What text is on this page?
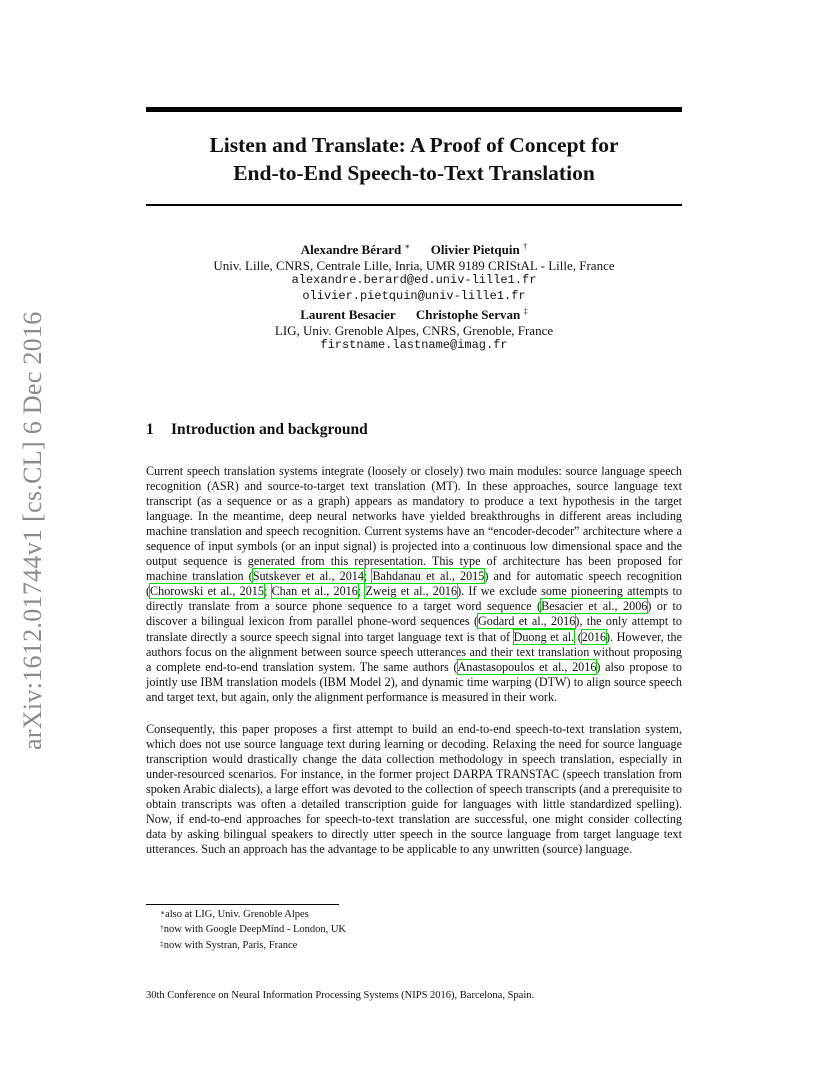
arXiv:1612.01744v1 [cs.CL] 6 Dec 2016
Listen and Translate: A Proof of Concept for
End-to-End Speech-to-Text Translation
Alexandre Bérard ∗ Olivier Pietquin †
Univ. Lille, CNRS, Centrale Lille, Inria, UMR 9189 CRIStAL - Lille, France
alexandre.berard@ed.univ-lille1.fr
olivier.pietquin@univ-lille1.fr
Laurent Besacier Christophe Servan ‡
LIG, Univ. Grenoble Alpes, CNRS, Grenoble, France
firstname.lastname@imag.fr
1 Introduction and background
Current speech translation systems integrate (loosely or closely) two main modules: source language speech recognition (ASR) and source-to-target text translation (MT). In these approaches, source language text transcript (as a sequence or as a graph) appears as mandatory to produce a text hypothesis in the target language. In the meantime, deep neural networks have yielded breakthroughs in different areas including machine translation and speech recognition. Current systems have an “encoder-decoder” architecture where a sequence of input symbols (or an input signal) is projected into a continuous low dimensional space and the output sequence is generated from this representation. This type of architecture has been proposed for machine translation (Sutskever et al., 2014; Bahdanau et al., 2015) and for automatic speech recognition (Chorowski et al., 2015; Chan et al., 2016; Zweig et al., 2016). If we exclude some pioneering attempts to directly translate from a source phone sequence to a target word sequence (Besacier et al., 2006) or to discover a bilingual lexicon from parallel phone-word sequences (Godard et al., 2016), the only attempt to translate directly a source speech signal into target language text is that of Duong et al. (2016). However, the authors focus on the alignment between source speech utterances and their text translation without proposing a complete end-to-end translation system. The same authors (Anastasopoulos et al., 2016) also propose to jointly use IBM translation models (IBM Model 2), and dynamic time warping (DTW) to align source speech and target text, but again, only the alignment performance is measured in their work.
Consequently, this paper proposes a first attempt to build an end-to-end speech-to-text translation system, which does not use source language text during learning or decoding. Relaxing the need for source language transcription would drastically change the data collection methodology in speech translation, especially in under-resourced scenarios. For instance, in the former project DARPA TRANSTAC (speech translation from spoken Arabic dialects), a large effort was devoted to the collection of speech transcripts (and a prerequisite to obtain transcripts was often a detailed transcription guide for languages with little standardized spelling). Now, if end-to-end approaches for speech-to-text translation are successful, one might consider collecting data by asking bilingual speakers to directly utter speech in the source language from target language text utterances. Such an approach has the advantage to be applicable to any unwritten (source) language.
∗also at LIG, Univ. Grenoble Alpes
†now with Google DeepMind - London, UK
‡now with Systran, Paris, France
30th Conference on Neural Information Processing Systems (NIPS 2016), Barcelona, Spain.
